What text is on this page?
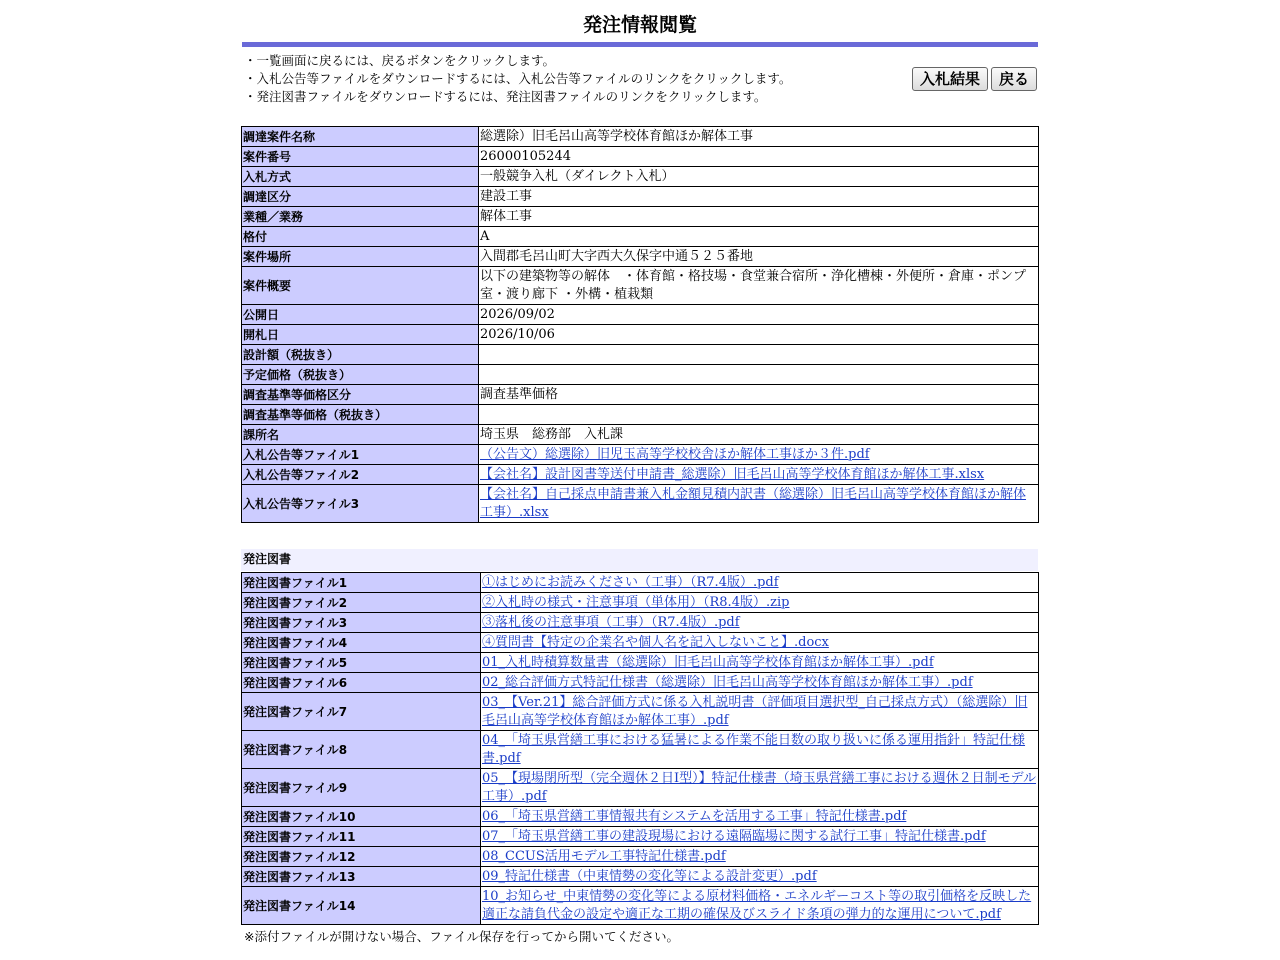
発注情報閲覧
・一覧画面に戻るには、戻るボタンをクリックします。
・入札公告等ファイルをダウンロードするには、入札公告等ファイルのリンクをクリックします。
・発注図書ファイルをダウンロードするには、発注図書ファイルのリンクをクリックします。
入札結果	戻る
調達案件名称	総選除）旧毛呂山高等学校体育館ほか解体工事
案件番号	26000105244
入札方式	一般競争入札（ダイレクト入札）
調達区分	建設工事
業種／業務	解体工事
格付	A
案件場所	入間郡毛呂山町大字西大久保字中通５２５番地
案件概要	以下の建築物等の解体　・体育館・格技場・食堂兼合宿所・浄化槽棟・外便所・倉庫・ポンプ室・渡り廊下 ・外構・植栽類
公開日	2026/09/02
開札日	2026/10/06
設計額（税抜き）	
予定価格（税抜き）	
調査基準等価格区分	調査基準価格
調査基準等価格（税抜き）	
課所名	埼玉県　総務部　入札課
入札公告等ファイル1	（公告文）総選除）旧児玉高等学校校舎ほか解体工事ほか３件.pdf
入札公告等ファイル2	【会社名】設計図書等送付申請書_総選除）旧毛呂山高等学校体育館ほか解体工事.xlsx
入札公告等ファイル3	【会社名】自己採点申請書兼入札金額見積内訳書（総選除）旧毛呂山高等学校体育館ほか解体工事）.xlsx
発注図書
発注図書ファイル1	①はじめにお読みください（工事）（R7.4版）.pdf
発注図書ファイル2	②入札時の様式・注意事項（単体用）（R8.4版）.zip
発注図書ファイル3	③落札後の注意事項（工事）（R7.4版）.pdf
発注図書ファイル4	④質問書【特定の企業名や個人名を記入しないこと】.docx
発注図書ファイル5	01_入札時積算数量書（総選除）旧毛呂山高等学校体育館ほか解体工事）.pdf
発注図書ファイル6	02_総合評価方式特記仕様書（総選除）旧毛呂山高等学校体育館ほか解体工事）.pdf
発注図書ファイル7	03_【Ver.21】総合評価方式に係る入札説明書（評価項目選択型_自己採点方式）（総選除）旧毛呂山高等学校体育館ほか解体工事）.pdf
発注図書ファイル8	04_「埼玉県営繕工事における猛暑による作業不能日数の取り扱いに係る運用指針」特記仕様書.pdf
発注図書ファイル9	05_【現場閉所型（完全週休２日I型）】特記仕様書（埼玉県営繕工事における週休２日制モデル工事）.pdf
発注図書ファイル10	06_「埼玉県営繕工事情報共有システムを活用する工事」特記仕様書.pdf
発注図書ファイル11	07_「埼玉県営繕工事の建設現場における遠隔臨場に関する試行工事」特記仕様書.pdf
発注図書ファイル12	08_CCUS活用モデル工事特記仕様書.pdf
発注図書ファイル13	09_特記仕様書（中東情勢の変化等による設計変更）.pdf
発注図書ファイル14	10_お知らせ_中東情勢の変化等による原材料価格・エネルギーコスト等の取引価格を反映した適正な請負代金の設定や適正な工期の確保及びスライド条項の弾力的な運用について.pdf
※添付ファイルが開けない場合、ファイル保存を行ってから開いてください。
